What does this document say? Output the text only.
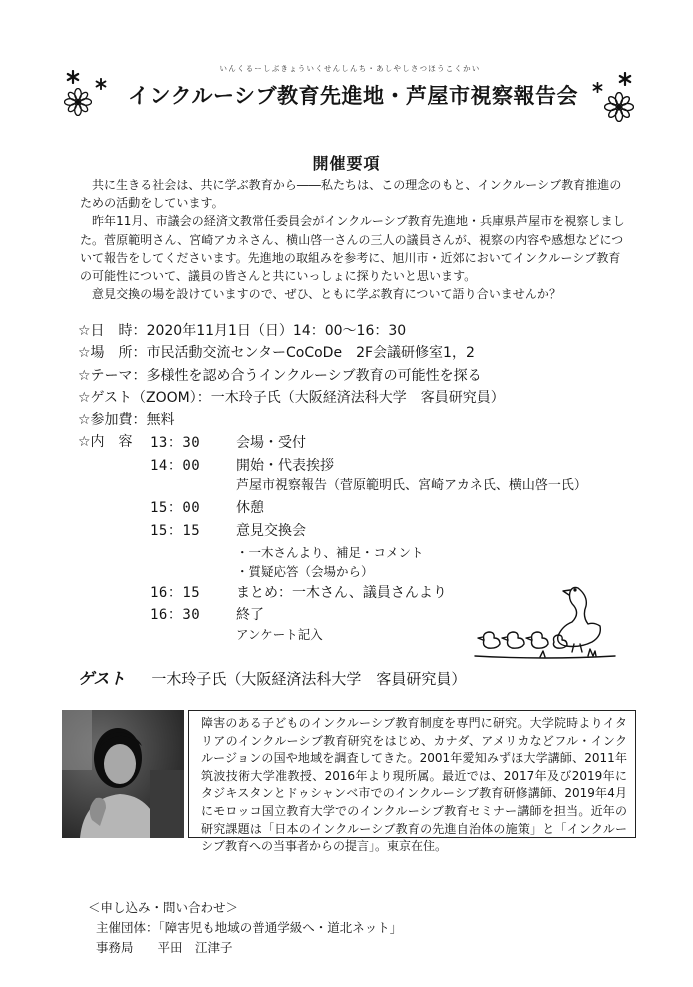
いんくるーしぶきょういくせんしんち・あしやしさつほうこくかい
インクルーシブ教育先進地・芦屋市視察報告会
開催要項

共に生きる社会は、共に学ぶ教育から――私たちは、この理念のもと、インクルーシブ教育推進のための活動をしています。

昨年11月、市議会の経済文教常任委員会がインクルーシブ教育先進地・兵庫県芦屋市を視察しました。菅原範明さん、宮崎アカネさん、横山啓一さんの三人の議員さんが、視察の内容や感想などについて報告をしてくださいます。先進地の取組みを参考に、旭川市・近郊においてインクルーシブ教育の可能性について、議員の皆さんと共にいっしょに探りたいと思います。

意見交換の場を設けていますので、ぜひ、ともに学ぶ教育について語り合いませんか？

☆日　時：2020年11月1日（日）14：00～16：30
☆場　所：市民活動交流センターCoCoDe　2F会議研修室1，2
☆テーマ：多様性を認め合うインクルーシブ教育の可能性を探る
☆ゲスト（ZOOM）：一木玲子氏（大阪経済法科大学　客員研究員）
☆参加費：無料
☆内　容 13：30	会場・受付
14：00	開始・代表挨拶
芦屋市視察報告（菅原範明氏、宮崎アカネ氏、横山啓一氏）
15：00	休憩
15：15	意見交換会
・一木さんより、補足・コメント
・質疑応答（会場から）
16：15	まとめ：一木さん、議員さんより
16：30	終了
アンケート記入
ゲスト 一木玲子氏（大阪経済法科大学　客員研究員）

障害のある子どものインクルーシブ教育制度を専門に研究。大学院時よりイタリアのインクルーシブ教育研究をはじめ、カナダ、アメリカなどフル・インクルージョンの国や地域を調査してきた。2001年愛知みずほ大学講師、2011年筑波技術大学准教授、2016年より現所属。最近では、2017年及び2019年にタジキスタンとドゥシャンベ市でのインクルーシブ教育研修講師、2019年4月にモロッコ国立教育大学でのインクルーシブ教育セミナー講師を担当。近年の研究課題は「日本のインクルーシブ教育の先進自治体の施策」と「インクルーシブ教育への当事者からの提言」。東京在住。

＜申し込み・問い合わせ＞
主催団体：「障害児も地域の普通学級へ・道北ネット」
事務局 平田　江津子
